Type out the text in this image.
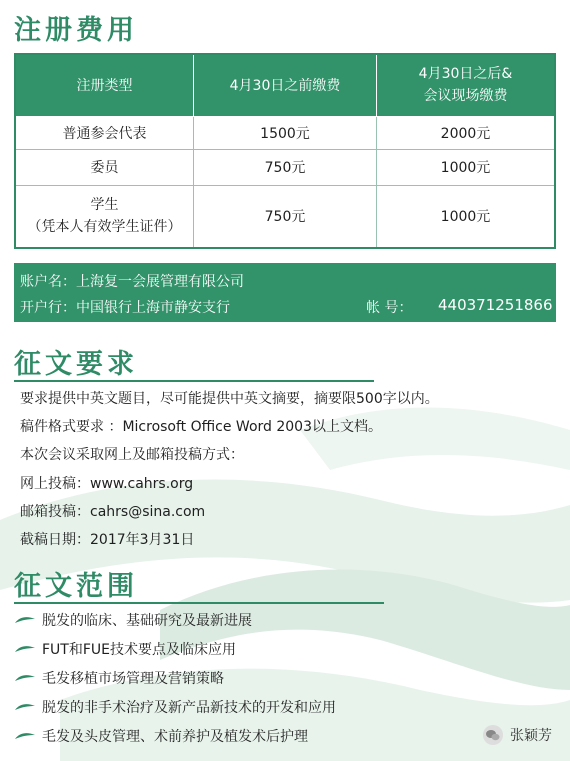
注册费用
注册类型	4月30日之前缴费	4月30日之后&
会议现场缴费

普通参会代表	1500元	2000元
委员	750元	1000元

学生
（凭本人有效学生证件）	750元	1000元
账户名：上海复一会展管理有限公司
开户行：中国银行上海市静安支行	帐 号： 440371251866
征文要求
要求提供中英文题目，尽可能提供中英文摘要，摘要限500字以内。
稿件格式要求 ：Microsoft Office Word 2003以上文档。
本次会议采取网上及邮箱投稿方式：
网上投稿：www.cahrs.org
邮箱投稿：cahrs@sina.com
截稿日期：2017年3月31日
征文范围
脱发的临床、基础研究及最新进展
FUT和FUE技术要点及临床应用
毛发移植市场管理及营销策略
脱发的非手术治疗及新产品新技术的开发和应用
毛发及头皮管理、术前养护及植发术后护理	张颖芳
